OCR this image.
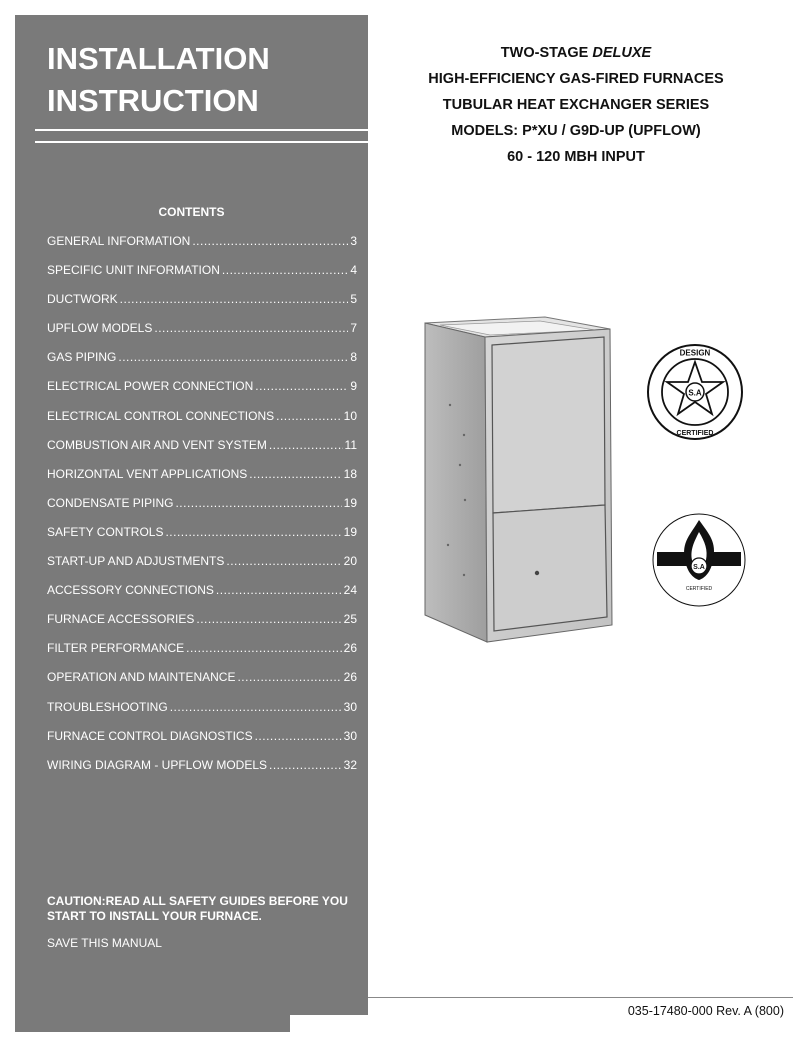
INSTALLATION
INSTRUCTION
CONTENTS
GENERAL INFORMATION .....	3
SPECIFIC UNIT INFORMATION .....	4
DUCTWORK .....	5
UPFLOW MODELS .....	7
GAS PIPING .....	8
ELECTRICAL POWER CONNECTION .....	9
ELECTRICAL CONTROL CONNECTIONS .....	10
COMBUSTION AIR AND VENT SYSTEM .....	11
HORIZONTAL VENT APPLICATIONS .....	18
CONDENSATE PIPING .....	19
SAFETY CONTROLS .....	19
START-UP AND ADJUSTMENTS .....	20
ACCESSORY CONNECTIONS .....	24
FURNACE ACCESSORIES .....	25
FILTER PERFORMANCE .....	26
OPERATION AND MAINTENANCE .....	26
TROUBLESHOOTING .....	30
FURNACE CONTROL DIAGNOSTICS .....	30
WIRING DIAGRAM - UPFLOW MODELS .....	32
CAUTION:READ ALL SAFETY GUIDES BEFORE YOU START TO INSTALL YOUR FURNACE.
SAVE THIS MANUAL
TWO-STAGE DELUXE
HIGH-EFFICIENCY GAS-FIRED FURNACES
TUBULAR HEAT EXCHANGER SERIES
MODELS: P*XU / G9D-UP (UPFLOW)
60 - 120 MBH INPUT
S.A
DESIGN
CERTIFIED
S.A
CERTIFIED
035-17480-000 Rev. A (800)
